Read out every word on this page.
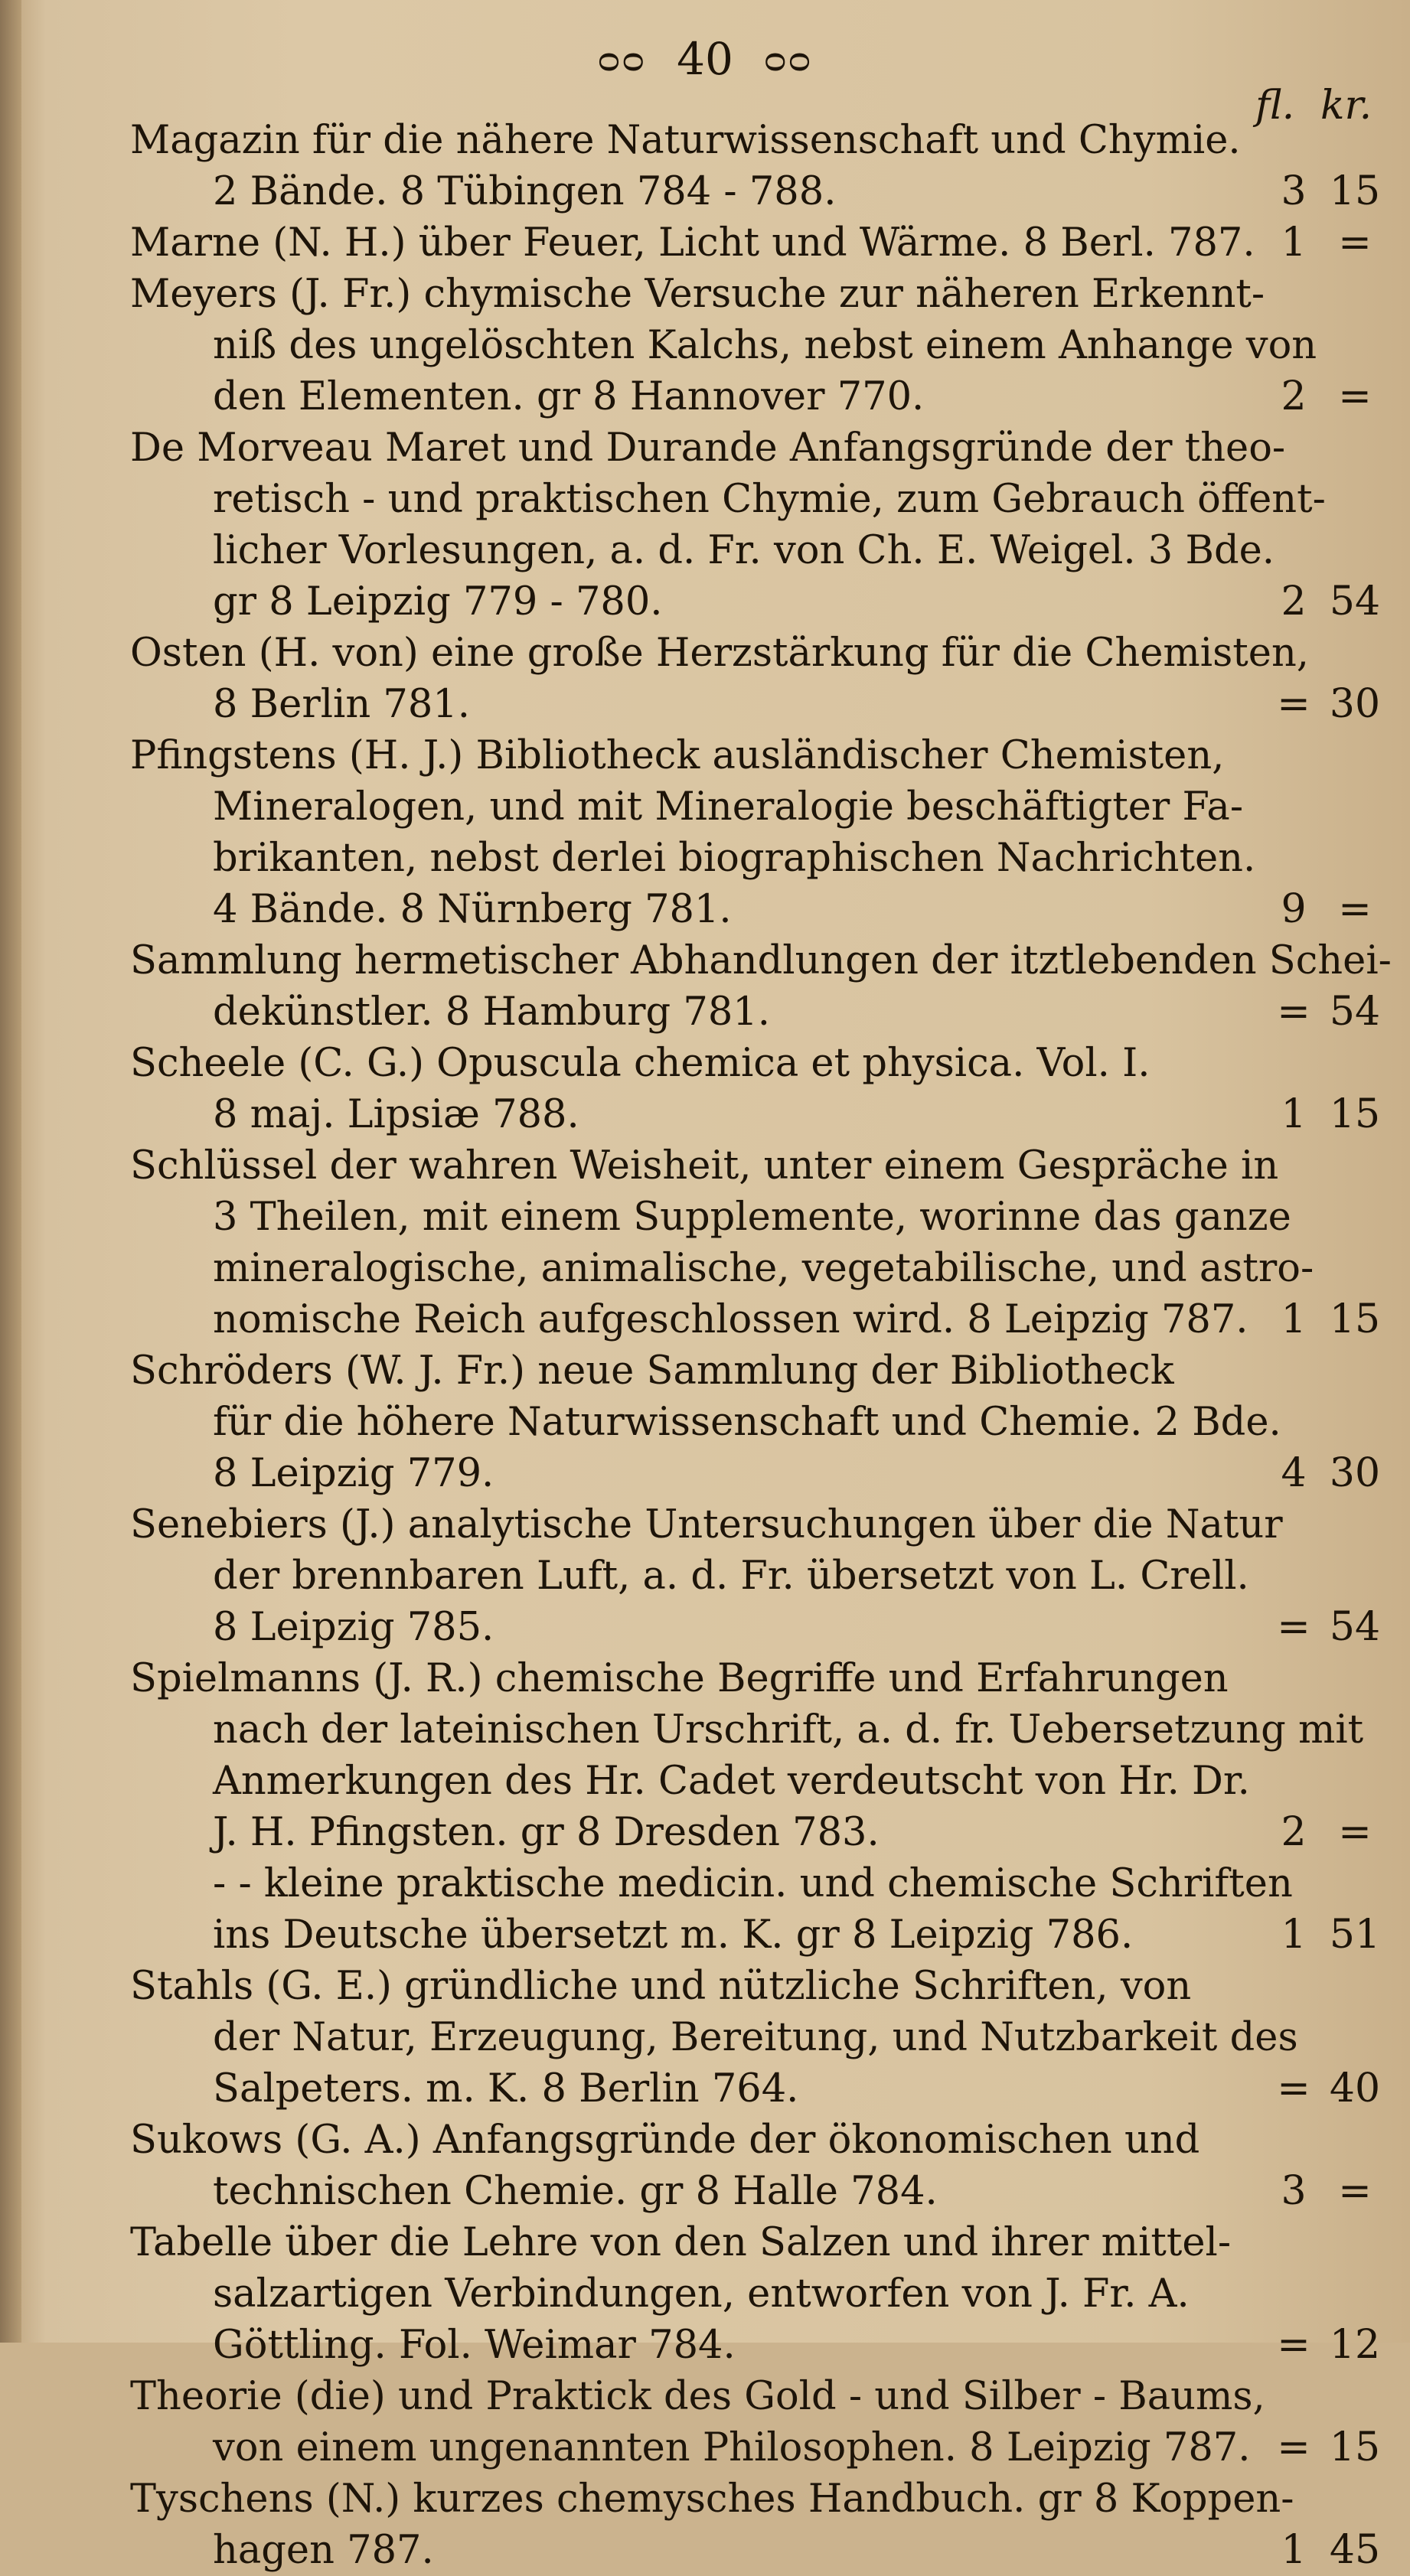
ᴑᴑ 40 ᴑᴑ
fl. kr.
Magazin für die nähere Naturwissenschaft und Chymie.
2 Bände. 8 Tübingen 784 - 788.	3 15
Marne (N. H.) über Feuer, Licht und Wärme. 8 Berl. 787. 1 =
Meyers (J. Fr.) chymische Versuche zur näheren Erkennt-
niß des ungelöschten Kalchs, nebst einem Anhange von
den Elementen. gr 8 Hannover 770.	2 =
De Morveau Maret und Durande Anfangsgründe der theo-
retisch - und praktischen Chymie, zum Gebrauch öffent-
licher Vorlesungen, a. d. Fr. von Ch. E. Weigel. 3 Bde.
gr 8 Leipzig 779 - 780.	2 54
Osten (H. von) eine große Herzstärkung für die Chemisten,
8 Berlin 781.	= 30
Pfingstens (H. J.) Bibliotheck ausländischer Chemisten,
Mineralogen, und mit Mineralogie beschäftigter Fa-
brikanten, nebst derlei biographischen Nachrichten.
4 Bände. 8 Nürnberg 781.	9 =
Sammlung hermetischer Abhandlungen der itztlebenden Schei-
dekünstler. 8 Hamburg 781.	= 54
Scheele (C. G.) Opuscula chemica et physica. Vol. I.
8 maj. Lipsiæ 788.	1 15
Schlüssel der wahren Weisheit, unter einem Gespräche in
3 Theilen, mit einem Supplemente, worinne das ganze
mineralogische, animalische, vegetabilische, und astro-
nomische Reich aufgeschlossen wird. 8 Leipzig 787. 1 15
Schröders (W. J. Fr.) neue Sammlung der Bibliotheck
für die höhere Naturwissenschaft und Chemie. 2 Bde.
8 Leipzig 779.	4 30
Senebiers (J.) analytische Untersuchungen über die Natur
der brennbaren Luft, a. d. Fr. übersetzt von L. Crell.
8 Leipzig 785.	= 54
Spielmanns (J. R.) chemische Begriffe und Erfahrungen
nach der lateinischen Urschrift, a. d. fr. Uebersetzung mit
Anmerkungen des Hr. Cadet verdeutscht von Hr. Dr.
J. H. Pfingsten. gr 8 Dresden 783.	2 =
- - kleine praktische medicin. und chemische Schriften
ins Deutsche übersetzt m. K. gr 8 Leipzig 786.	1 51
Stahls (G. E.) gründliche und nützliche Schriften, von
der Natur, Erzeugung, Bereitung, und Nutzbarkeit des
Salpeters. m. K. 8 Berlin 764.	= 40
Sukows (G. A.) Anfangsgründe der ökonomischen und
technischen Chemie. gr 8 Halle 784.	3 =
Tabelle über die Lehre von den Salzen und ihrer mittel-
salzartigen Verbindungen, entworfen von J. Fr. A.
Göttling. Fol. Weimar 784.	= 12
Theorie (die) und Praktick des Gold - und Silber - Baums,
von einem ungenannten Philosophen. 8 Leipzig 787. = 15
Tyschens (N.) kurzes chemysches Handbuch. gr 8 Koppen-
hagen 787.	1 45
